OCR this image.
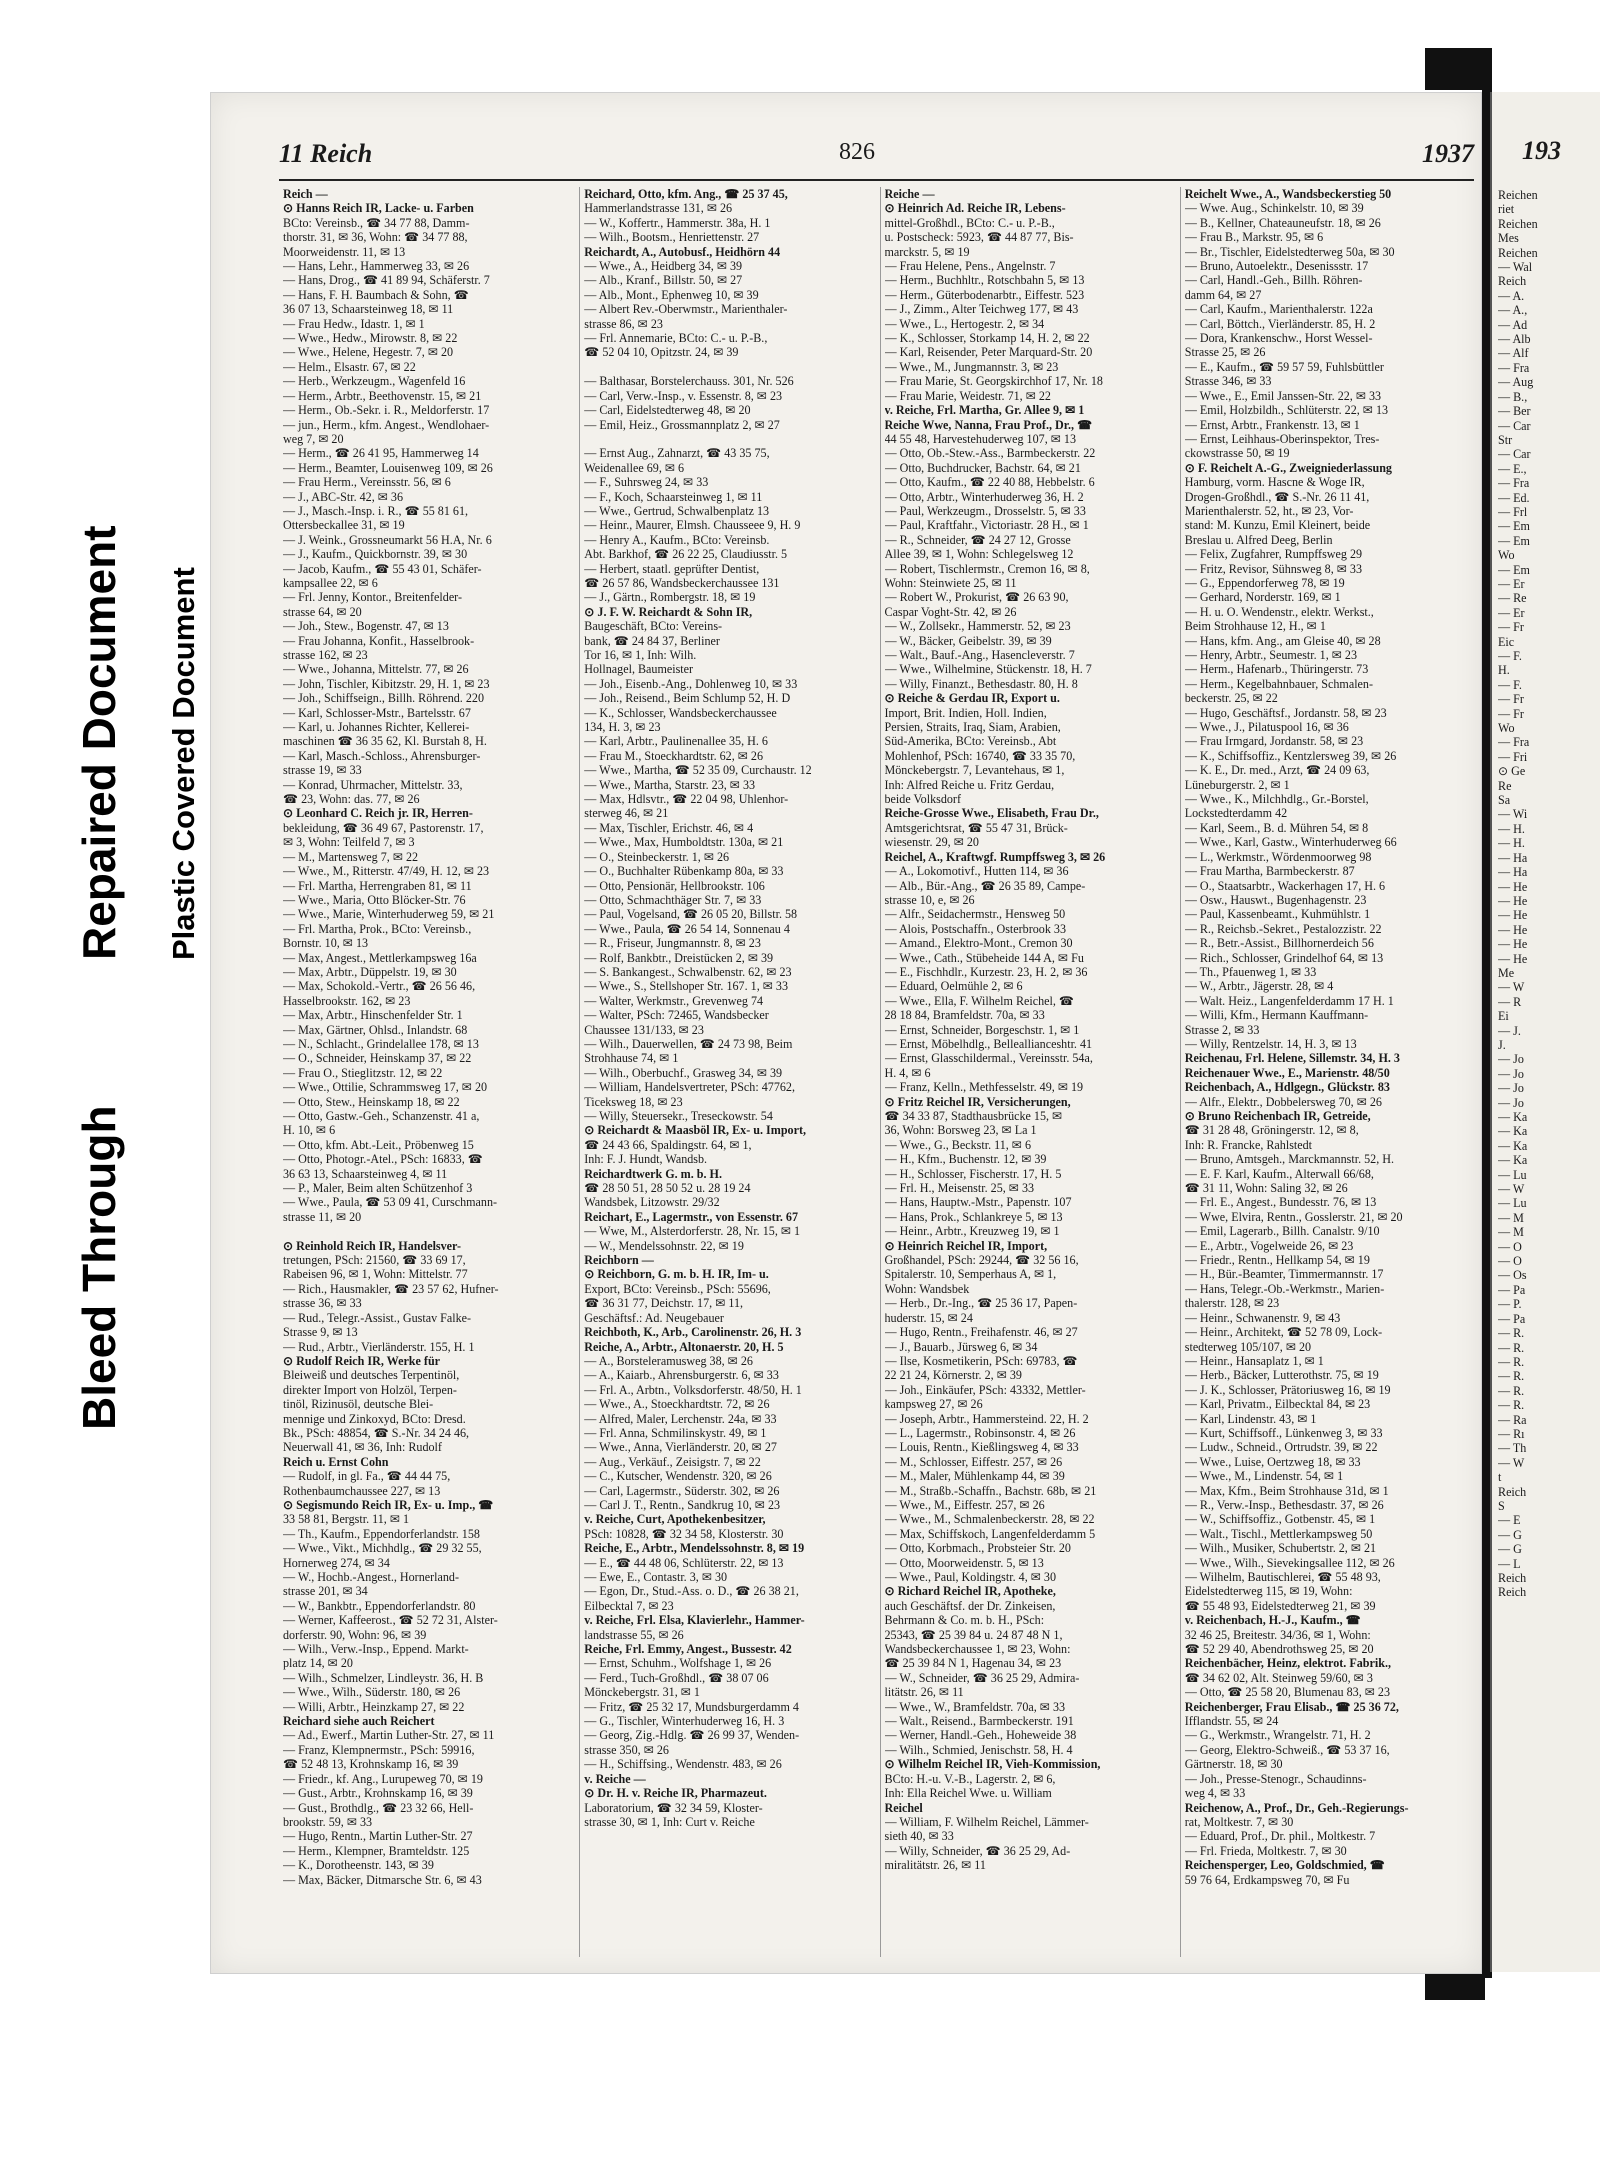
Bleed Through
Repaired Document Plastic Covered Document
11 Reich	826	1937
Reich —
⊙ Hanns Reich IR, Lacke- u. Farben
BCto: Vereinsb., ☎ 34 77 88, Damm-
thorstr. 31, ✉ 36, Wohn: ☎ 34 77 88,
Moorweidenstr. 11, ✉ 13
— Hans, Lehr., Hammerweg 33, ✉ 26
— Hans, Drog., ☎ 41 89 94, Schäferstr. 7
— Hans, F. H. Baumbach & Sohn, ☎
36 07 13, Schaarsteinweg 18, ✉ 11
— Frau Hedw., Idastr. 1, ✉ 1
— Wwe., Hedw., Mirowstr. 8, ✉ 22
— Wwe., Helene, Hegestr. 7, ✉ 20
— Helm., Elsastr. 67, ✉ 22
— Herb., Werkzeugm., Wagenfeld 16
— Herm., Arbtr., Beethovenstr. 15, ✉ 21
— Herm., Ob.-Sekr. i. R., Meldorferstr. 17
— jun., Herm., kfm. Angest., Wendlohaer-
weg 7, ✉ 20
— Herm., ☎ 26 41 95, Hammerweg 14
— Herm., Beamter, Louisenweg 109, ✉ 26
— Frau Herm., Vereinsstr. 56, ✉ 6
— J., ABC-Str. 42, ✉ 36
— J., Masch.-Insp. i. R., ☎ 55 81 61,
Ottersbeckallee 31, ✉ 19
— J. Weink., Grossneumarkt 56 H.A, Nr. 6
— J., Kaufm., Quickbornstr. 39, ✉ 30
— Jacob, Kaufm., ☎ 55 43 01, Schäfer-
kampsallee 22, ✉ 6
— Frl. Jenny, Kontor., Breitenfelder-
strasse 64, ✉ 20
— Joh., Stew., Bogenstr. 47, ✉ 13
— Frau Johanna, Konfit., Hasselbrook-
strasse 162, ✉ 23
— Wwe., Johanna, Mittelstr. 77, ✉ 26
— John, Tischler, Kibitzstr. 29, H. 1, ✉ 23
— Joh., Schiffseign., Billh. Röhrend. 220
— Karl, Schlosser-Mstr., Bartelsstr. 67
— Karl, u. Johannes Richter, Kellerei-
maschinen ☎ 36 35 62, Kl. Burstah 8, H.
— Karl, Masch.-Schloss., Ahrensburger-
strasse 19, ✉ 33
— Konrad, Uhrmacher, Mittelstr. 33,
☎ 23, Wohn: das. 77, ✉ 26
⊙ Leonhard C. Reich jr. IR, Herren-
bekleidung, ☎ 36 49 67, Pastorenstr. 17,
✉ 3, Wohn: Teilfeld 7, ✉ 3
— M., Martensweg 7, ✉ 22
— Wwe., M., Ritterstr. 47/49, H. 12, ✉ 23
— Frl. Martha, Herrengraben 81, ✉ 11
— Wwe., Maria, Otto Blöcker-Str. 76
— Wwe., Marie, Winterhuderweg 59, ✉ 21
— Frl. Martha, Prok., BCto: Vereinsb.,
Bornstr. 10, ✉ 13
— Max, Angest., Mettlerkampsweg 16a
— Max, Arbtr., Düppelstr. 19, ✉ 30
— Max, Schokold.-Vertr., ☎ 26 56 46,
Hasselbrookstr. 162, ✉ 23
— Max, Arbtr., Hinschenfelder Str. 1
— Max, Gärtner, Ohlsd., Inlandstr. 68
— N., Schlacht., Grindelallee 178, ✉ 13
— O., Schneider, Heinskamp 37, ✉ 22
— Frau O., Stieglitzstr. 12, ✉ 22
— Wwe., Ottilie, Schrammsweg 17, ✉ 20
— Otto, Stew., Heinskamp 18, ✉ 22
— Otto, Gastw.-Geh., Schanzenstr. 41 a,
H. 10, ✉ 6
— Otto, kfm. Abt.-Leit., Pröbenweg 15
— Otto, Photogr.-Atel., PSch: 16833, ☎
36 63 13, Schaarsteinweg 4, ✉ 11
— P., Maler, Beim alten Schützenhof 3
— Wwe., Paula, ☎ 53 09 41, Curschmann-
strasse 11, ✉ 20

⊙ Reinhold Reich IR, Handelsver-
tretungen, PSch: 21560, ☎ 33 69 17,
Rabeisen 96, ✉ 1, Wohn: Mittelstr. 77
— Rich., Hausmakler, ☎ 23 57 62, Hufner-
strasse 36, ✉ 33
— Rud., Telegr.-Assist., Gustav Falke-
Strasse 9, ✉ 13
— Rud., Arbtr., Vierländerstr. 155, H. 1
⊙ Rudolf Reich IR, Werke für
Bleiweiß und deutsches Terpentinöl,
direkter Import von Holzöl, Terpen-
tinöl, Rizinusöl, deutsche Blei-
mennige und Zinkoxyd, BCto: Dresd.
Bk., PSch: 48854, ☎ S.-Nr. 34 24 46,
Neuerwall 41, ✉ 36, Inh: Rudolf
Reich u. Ernst Cohn
— Rudolf, in gl. Fa., ☎ 44 44 75,
Rothenbaumchaussee 227, ✉ 13
⊙ Segismundo Reich IR, Ex- u. Imp., ☎
33 58 81, Bergstr. 11, ✉ 1
— Th., Kaufm., Eppendorferlandstr. 158
— Wwe., Vikt., Michhdlg., ☎ 29 32 55,
Hornerweg 274, ✉ 34
— W., Hochb.-Angest., Hornerland-
strasse 201, ✉ 34
— W., Bankbtr., Eppendorferlandstr. 80
— Werner, Kaffeerost., ☎ 52 72 31, Alster-
dorferstr. 90, Wohn: 96, ✉ 39
— Wilh., Verw.-Insp., Eppend. Markt-
platz 14, ✉ 20
— Wilh., Schmelzer, Lindleystr. 36, H. B
— Wwe., Wilh., Süderstr. 180, ✉ 26
— Willi, Arbtr., Heinzkamp 27, ✉ 22
Reichard siehe auch Reichert
— Ad., Ewerf., Martin Luther-Str. 27, ✉ 11
— Franz, Klempnermstr., PSch: 59916,
☎ 52 48 13, Krohnskamp 16, ✉ 39
— Friedr., kf. Ang., Lurupeweg 70, ✉ 19
— Gust., Arbtr., Krohnskamp 16, ✉ 39
— Gust., Brothdlg., ☎ 23 32 66, Hell-
brookstr. 59, ✉ 33
— Hugo, Rentn., Martin Luther-Str. 27
— Herm., Klempner, Bramteldstr. 125
— K., Dorotheenstr. 143, ✉ 39
— Max, Bäcker, Ditmarsche Str. 6, ✉ 43
Reichard, Otto, kfm. Ang., ☎ 25 37 45,
Hammerlandstrasse 131, ✉ 26
— W., Koffertr., Hammerstr. 38a, H. 1
— Wilh., Bootsm., Henriettenstr. 27
Reichardt, A., Autobusf., Heidhörn 44
— Wwe., A., Heidberg 34, ✉ 39
— Alb., Kranf., Billstr. 50, ✉ 27
— Alb., Mont., Ephenweg 10, ✉ 39
— Albert Rev.-Oberwmstr., Marienthaler-
strasse 86, ✉ 23
— Frl. Annemarie, BCto: C.- u. P.-B.,
☎ 52 04 10, Opitzstr. 24, ✉ 39

— Balthasar, Borstelerchauss. 301, Nr. 526
— Carl, Verw.-Insp., v. Essenstr. 8, ✉ 23
— Carl, Eidelstedterweg 48, ✉ 20
— Emil, Heiz., Grossmannplatz 2, ✉ 27

— Ernst Aug., Zahnarzt, ☎ 43 35 75,
Weidenallee 69, ✉ 6
— F., Suhrsweg 24, ✉ 33
— F., Koch, Schaarsteinweg 1, ✉ 11
— Wwe., Gertrud, Schwalbenplatz 13
— Heinr., Maurer, Elmsh. Chausseee 9, H. 9
— Henry A., Kaufm., BCto: Vereinsb.
Abt. Barkhof, ☎ 26 22 25, Claudiusstr. 5
— Herbert, staatl. geprüfter Dentist,
☎ 26 57 86, Wandsbeckerchaussee 131
— J., Gärtn., Rombergstr. 18, ✉ 19
⊙ J. F. W. Reichardt & Sohn IR,
Baugeschäft, BCto: Vereins-
bank, ☎ 24 84 37, Berliner
Tor 16, ✉ 1, Inh: Wilh.
Hollnagel, Baumeister
— Joh., Eisenb.-Ang., Dohlenweg 10, ✉ 33
— Joh., Reisend., Beim Schlump 52, H. D
— K., Schlosser, Wandsbeckerchaussee
134, H. 3, ✉ 23
— Karl, Arbtr., Paulinenallee 35, H. 6
— Frau M., Stoeckhardtstr. 62, ✉ 26
— Wwe., Martha, ☎ 52 35 09, Curchaustr. 12
— Wwe., Martha, Starstr. 23, ✉ 33
— Max, Hdlsvtr., ☎ 22 04 98, Uhlenhor-
sterweg 46, ✉ 21
— Max, Tischler, Erichstr. 46, ✉ 4
— Wwe., Max, Humboldtstr. 130a, ✉ 21
— O., Steinbeckerstr. 1, ✉ 26
— O., Buchhalter Rübenkamp 80a, ✉ 33
— Otto, Pensionär, Hellbrookstr. 106
— Otto, Schmachthäger Str. 7, ✉ 33
— Paul, Vogelsand, ☎ 26 05 20, Billstr. 58
— Wwe., Paula, ☎ 26 54 14, Sonnenau 4
— R., Friseur, Jungmannstr. 8, ✉ 23
— Rolf, Bankbtr., Dreistücken 2, ✉ 39
— S. Bankangest., Schwalbenstr. 62, ✉ 23
— Wwe., S., Stellshoper Str. 167. 1, ✉ 33
— Walter, Werkmstr., Grevenweg 74
— Walter, PSch: 72465, Wandsbecker
Chaussee 131/133, ✉ 23
— Wilh., Dauerwellen, ☎ 24 73 98, Beim
Strohhause 74, ✉ 1
— Wilh., Oberbuchf., Grasweg 34, ✉ 39
— William, Handelsvertreter, PSch: 47762,
Ticeksweg 18, ✉ 23
— Willy, Steuersekr., Treseckowstr. 54
⊙ Reichardt & Maasböl IR, Ex- u. Import,
☎ 24 43 66, Spaldingstr. 64, ✉ 1,
Inh: F. J. Hundt, Wandsb.
Reichardtwerk G. m. b. H.
☎ 28 50 51, 28 50 52 u. 28 19 24
Wandsbek, Litzowstr. 29/32
Reichart, E., Lagermstr., von Essenstr. 67
— Wwe, M., Alsterdorferstr. 28, Nr. 15, ✉ 1
— W., Mendelssohnstr. 22, ✉ 19
Reichborn —
⊙ Reichborn, G. m. b. H. IR, Im- u.
Export, BCto: Vereinsb., PSch: 55696,
☎ 36 31 77, Deichstr. 17, ✉ 11,
Geschäftsf.: Ad. Neugebauer
Reichboth, K., Arb., Carolinenstr. 26, H. 3
Reiche, A., Arbtr., Altonaerstr. 20, H. 5
— A., Borsteleramusweg 38, ✉ 26
— A., Kaiarb., Ahrensburgerstr. 6, ✉ 33
— Frl. A., Arbtn., Volksdorferstr. 48/50, H. 1
— Wwe., A., Stoeckhardtstr. 72, ✉ 26
— Alfred, Maler, Lerchenstr. 24a, ✉ 33
— Frl. Anna, Schmilinskystr. 49, ✉ 1
— Wwe., Anna, Vierländerstr. 20, ✉ 27
— Aug., Verkäuf., Zeisigstr. 7, ✉ 22
— C., Kutscher, Wendenstr. 320, ✉ 26
— Carl, Lagermstr., Süderstr. 302, ✉ 26
— Carl J. T., Rentn., Sandkrug 10, ✉ 23
v. Reiche, Curt, Apothekenbesitzer,
PSch: 10828, ☎ 32 34 58, Klosterstr. 30
Reiche, E., Arbtr., Mendelssohnstr. 8, ✉ 19
— E., ☎ 44 48 06, Schlüterstr. 22, ✉ 13
— Ewe, E., Contastr. 3, ✉ 30
— Egon, Dr., Stud.-Ass. o. D., ☎ 26 38 21,
Eilbecktal 7, ✉ 23
v. Reiche, Frl. Elsa, Klavierlehr., Hammer-
landstrasse 55, ✉ 26
Reiche, Frl. Emmy, Angest., Bussestr. 42
— Ernst, Schuhm., Wolfshage 1, ✉ 26
— Ferd., Tuch-Großhdl., ☎ 38 07 06
Mönckebergstr. 31, ✉ 1
— Fritz, ☎ 25 32 17, Mundsburgerdamm 4
— G., Tischler, Winterhuderweg 16, H. 3
— Georg, Zig.-Hdlg. ☎ 26 99 37, Wenden-
strasse 350, ✉ 26
— H., Schiffsing., Wendenstr. 483, ✉ 26
v. Reiche —
⊙ Dr. H. v. Reiche IR, Pharmazeut.
Laboratorium, ☎ 32 34 59, Kloster-
strasse 30, ✉ 1, Inh: Curt v. Reiche
Reiche —
⊙ Heinrich Ad. Reiche IR, Lebens-
mittel-Großhdl., BCto: C.- u. P.-B.,
u. Postscheck: 5923, ☎ 44 87 77, Bis-
marckstr. 5, ✉ 19
— Frau Helene, Pens., Angelnstr. 7
— Herm., Buchhltr., Rotschbahn 5, ✉ 13
— Herm., Güterbodenarbtr., Eiffestr. 523
— J., Zimm., Alter Teichweg 177, ✉ 43
— Wwe., L., Hertogestr. 2, ✉ 34
— K., Schlosser, Storkamp 14, H. 2, ✉ 22
— Karl, Reisender, Peter Marquard-Str. 20
— Wwe., M., Jungmannstr. 3, ✉ 23
— Frau Marie, St. Georgskirchhof 17, Nr. 18
— Frau Marie, Weidestr. 71, ✉ 22
v. Reiche, Frl. Martha, Gr. Allee 9, ✉ 1
Reiche Wwe, Nanna, Frau Prof., Dr., ☎
44 55 48, Harvestehuderweg 107, ✉ 13
— Otto, Ob.-Stew.-Ass., Barmbeckerstr. 22
— Otto, Buchdrucker, Bachstr. 64, ✉ 21
— Otto, Kaufm., ☎ 22 40 88, Hebbelstr. 6
— Otto, Arbtr., Winterhuderweg 36, H. 2
— Paul, Werkzeugm., Drosselstr. 5, ✉ 33
— Paul, Kraftfahr., Victoriastr. 28 H., ✉ 1
— R., Schneider, ☎ 24 27 12, Grosse
Allee 39, ✉ 1, Wohn: Schlegelsweg 12
— Robert, Tischlermstr., Cremon 16, ✉ 8,
Wohn: Steinwiete 25, ✉ 11
— Robert W., Prokurist, ☎ 26 63 90,
Caspar Voght-Str. 42, ✉ 26
— W., Zollsekr., Hammerstr. 52, ✉ 23
— W., Bäcker, Geibelstr. 39, ✉ 39
— Walt., Bauf.-Ang., Hasencleverstr. 7
— Wwe., Wilhelmine, Stückenstr. 18, H. 7
— Willy, Finanzt., Bethesdastr. 80, H. 8
⊙ Reiche & Gerdau IR, Export u.
Import, Brit. Indien, Holl. Indien,
Persien, Straits, Iraq, Siam, Arabien,
Süd-Amerika, BCto: Vereinsb., Abt
Mohlenhof, PSch: 16740, ☎ 33 35 70,
Mönckebergstr. 7, Levantehaus, ✉ 1,
Inh: Alfred Reiche u. Fritz Gerdau,
beide Volksdorf
Reiche-Grosse Wwe., Elisabeth, Frau Dr.,
Amtsgerichtsrat, ☎ 55 47 31, Brück-
wiesenstr. 29, ✉ 20
Reichel, A., Kraftwgf. Rumpffsweg 3, ✉ 26
— A., Lokomotivf., Hutten 114, ✉ 36
— Alb., Bür.-Ang., ☎ 26 35 89, Campe-
strasse 10, e, ✉ 26
— Alfr., Seidachermstr., Hensweg 50
— Alois, Postschaffn., Osterbrook 33
— Amand., Elektro-Mont., Cremon 30
— Wwe., Cath., Stübeheide 144 A, ✉ Fu
— E., Fischhdlr., Kurzestr. 23, H. 2, ✉ 36
— Eduard, Oelmühle 2, ✉ 6
— Wwe., Ella, F. Wilhelm Reichel, ☎
28 18 84, Bramfeldstr. 70a, ✉ 33
— Ernst, Schneider, Borgeschstr. 1, ✉ 1
— Ernst, Möbelhdlg., Belleallianceshtr. 41
— Ernst, Glasschildermal., Vereinsstr. 54a,
H. 4, ✉ 6
— Franz, Kelln., Methfesselstr. 49, ✉ 19
⊙ Fritz Reichel IR, Versicherungen,
☎ 34 33 87, Stadthausbrücke 15, ✉
36, Wohn: Borsweg 23, ✉ La 1
— Wwe., G., Beckstr. 11, ✉ 6
— H., Kfm., Buchenstr. 12, ✉ 39
— H., Schlosser, Fischerstr. 17, H. 5
— Frl. H., Meisenstr. 25, ✉ 33
— Hans, Hauptw.-Mstr., Papenstr. 107
— Hans, Prok., Schlankreye 5, ✉ 13
— Heinr., Arbtr., Kreuzweg 19, ✉ 1
⊙ Heinrich Reichel IR, Import,
Großhandel, PSch: 29244, ☎ 32 56 16,
Spitalerstr. 10, Semperhaus A, ✉ 1,
Wohn: Wandsbek
— Herb., Dr.-Ing., ☎ 25 36 17, Papen-
huderstr. 15, ✉ 24
— Hugo, Rentn., Freihafenstr. 46, ✉ 27
— J., Bauarb., Jürsweg 6, ✉ 34
— Ilse, Kosmetikerin, PSch: 69783, ☎
22 21 24, Körnerstr. 2, ✉ 39
— Joh., Einkäufer, PSch: 43332, Mettler-
kampsweg 27, ✉ 26
— Joseph, Arbtr., Hammersteind. 22, H. 2
— L., Lagermstr., Robinsonstr. 4, ✉ 26
— Louis, Rentn., Kießlingsweg 4, ✉ 33
— M., Schlosser, Eiffestr. 257, ✉ 26
— M., Maler, Mühlenkamp 44, ✉ 39
— M., Straßb.-Schaffn., Bachstr. 68b, ✉ 21
— Wwe., M., Eiffestr. 257, ✉ 26
— Wwe., M., Schmalenbeckerstr. 28, ✉ 22
— Max, Schiffskoch, Langenfelderdamm 5
— Otto, Korbmach., Probsteier Str. 20
— Otto, Moorweidenstr. 5, ✉ 13
— Wwe., Paul, Koldingstr. 4, ✉ 30
⊙ Richard Reichel IR, Apotheke,
auch Geschäftsf. der Dr. Zinkeisen,
Behrmann & Co. m. b. H., PSch:
25343, ☎ 25 39 84 u. 24 87 48 N 1,
Wandsbeckerchaussee 1, ✉ 23, Wohn:
☎ 25 39 84 N 1, Hagenau 34, ✉ 23
— W., Schneider, ☎ 36 25 29, Admira-
litätstr. 26, ✉ 11
— Wwe., W., Bramfeldstr. 70a, ✉ 33
— Walt., Reisend., Barmbeckerstr. 191
— Werner, Handl.-Geh., Hoheweide 38
— Wilh., Schmied, Jenischstr. 58, H. 4
⊙ Wilhelm Reichel IR, Vieh-Kommission,
BCto: H.-u. V.-B., Lagerstr. 2, ✉ 6,
Inh: Ella Reichel Wwe. u. William
Reichel
— William, F. Wilhelm Reichel, Lämmer-
sieth 40, ✉ 33
— Willy, Schneider, ☎ 36 25 29, Ad-
miralitätstr. 26, ✉ 11
Reichelt Wwe., A., Wandsbeckerstieg 50
— Wwe. Aug., Schinkelstr. 10, ✉ 39
— B., Kellner, Chateauneufstr. 18, ✉ 26
— Frau B., Markstr. 95, ✉ 6
— Br., Tischler, Eidelstedterweg 50a, ✉ 30
— Bruno, Autoelektr., Desenissstr. 17
— Carl, Handl.-Geh., Billh. Röhren-
damm 64, ✉ 27
— Carl, Kaufm., Marienthalerstr. 122a
— Carl, Böttch., Vierländerstr. 85, H. 2
— Dora, Krankenschw., Horst Wessel-
Strasse 25, ✉ 26
— E., Kaufm., ☎ 59 57 59, Fuhlsbüttler
Strasse 346, ✉ 33
— Wwe., E., Emil Janssen-Str. 22, ✉ 33
— Emil, Holzbildh., Schlüterstr. 22, ✉ 13
— Ernst, Arbtr., Frankenstr. 13, ✉ 1
— Ernst, Leihhaus-Oberinspektor, Tres-
ckowstrasse 50, ✉ 19
⊙ F. Reichelt A.-G., Zweigniederlassung
Hamburg, vorm. Hascne & Woge IR,
Drogen-Großhdl., ☎ S.-Nr. 26 11 41,
Marienthalerstr. 52, ht., ✉ 23, Vor-
stand: M. Kunzu, Emil Kleinert, beide
Breslau u. Alfred Deeg, Berlin
— Felix, Zugfahrer, Rumpffsweg 29
— Fritz, Revisor, Sühnsweg 8, ✉ 33
— G., Eppendorferweg 78, ✉ 19
— Gerhard, Norderstr. 169, ✉ 1
— H. u. O. Wendenstr., elektr. Werkst.,
Beim Strohhause 12, H., ✉ 1
— Hans, kfm. Ang., am Gleise 40, ✉ 28
— Henry, Arbtr., Seumestr. 1, ✉ 23
— Herm., Hafenarb., Thüringerstr. 73
— Herm., Kegelbahnbauer, Schmalen-
beckerstr. 25, ✉ 22
— Hugo, Geschäftsf., Jordanstr. 58, ✉ 23
— Wwe., J., Pilatuspool 16, ✉ 36
— Frau Irmgard, Jordanstr. 58, ✉ 23
— K., Schiffsoffiz., Kentzlersweg 39, ✉ 26
— K. E., Dr. med., Arzt, ☎ 24 09 63,
Lüneburgerstr. 2, ✉ 1
— Wwe., K., Milchhdlg., Gr.-Borstel,
Lockstedterdamm 42
— Karl, Seem., B. d. Mühren 54, ✉ 8
— Wwe., Karl, Gastw., Winterhuderweg 66
— L., Werkmstr., Wördenmoorweg 98
— Frau Martha, Barmbeckerstr. 87
— O., Staatsarbtr., Wackerhagen 17, H. 6
— Osw., Hauswt., Bugenhagenstr. 23
— Paul, Kassenbeamt., Kuhmühlstr. 1
— R., Reichsb.-Sekret., Pestalozzistr. 22
— R., Betr.-Assist., Billhornerdeich 56
— Rich., Schlosser, Grindelhof 64, ✉ 13
— Th., Pfauenweg 1, ✉ 33
— W., Arbtr., Jägerstr. 28, ✉ 4
— Walt. Heiz., Langenfelderdamm 17 H. 1
— Willi, Kfm., Hermann Kauffmann-
Strasse 2, ✉ 33
— Willy, Rentzelstr. 14, H. 3, ✉ 13
Reichenau, Frl. Helene, Sillemstr. 34, H. 3
Reichenauer Wwe., E., Marienstr. 48/50
Reichenbach, A., Hdlgegn., Glückstr. 83
— Alfr., Elektr., Dobbelersweg 70, ✉ 26
⊙ Bruno Reichenbach IR, Getreide,
☎ 31 28 48, Gröningerstr. 12, ✉ 8,
Inh: R. Francke, Rahlstedt
— Bruno, Amtsgeh., Marckmannstr. 52, H.
— E. F. Karl, Kaufm., Alterwall 66/68,
☎ 31 11, Wohn: Saling 32, ✉ 26
— Frl. E., Angest., Bundesstr. 76, ✉ 13
— Wwe, Elvira, Rentn., Gosslerstr. 21, ✉ 20
— Emil, Lagerarb., Billh. Canalstr. 9/10
— E., Arbtr., Vogelweide 26, ✉ 23
— Friedr., Rentn., Hellkamp 54, ✉ 19
— H., Bür.-Beamter, Timmermannstr. 17
— Hans, Telegr.-Ob.-Werkmstr., Marien-
thalerstr. 128, ✉ 23
— Heinr., Schwanenstr. 9, ✉ 43
— Heinr., Architekt, ☎ 52 78 09, Lock-
stedterweg 105/107, ✉ 20
— Heinr., Hansaplatz 1, ✉ 1
— Herb., Bäcker, Lutterothstr. 75, ✉ 19
— J. K., Schlosser, Prätoriusweg 16, ✉ 19
— Karl, Privatm., Eilbecktal 84, ✉ 23
— Karl, Lindenstr. 43, ✉ 1
— Kurt, Schiffsoff., Lünkenweg 3, ✉ 33
— Ludw., Schneid., Ortrudstr. 39, ✉ 22
— Wwe., Luise, Oertzweg 18, ✉ 33
— Wwe., M., Lindenstr. 54, ✉ 1
— Max, Kfm., Beim Strohhause 31d, ✉ 1
— R., Verw.-Insp., Bethesdastr. 37, ✉ 26
— W., Schiffsoffiz., Gotbenstr. 45, ✉ 1
— Walt., Tischl., Mettlerkampsweg 50
— Wilh., Musiker, Schubertstr. 2, ✉ 21
— Wwe., Wilh., Sievekingsallee 112, ✉ 26
— Wilhelm, Bautischlerei, ☎ 55 48 93,
Eidelstedterweg 115, ✉ 19, Wohn:
☎ 55 48 93, Eidelstedterweg 21, ✉ 39
v. Reichenbach, H.-J., Kaufm., ☎
32 46 25, Breitestr. 34/36, ✉ 1, Wohn:
☎ 52 29 40, Abendrothsweg 25, ✉ 20
Reichenbächer, Heinz, elektrot. Fabrik.,
☎ 34 62 02, Alt. Steinweg 59/60, ✉ 3
— Otto, ☎ 25 58 20, Blumenau 83, ✉ 23
Reichenberger, Frau Elisab., ☎ 25 36 72,
Ifflandstr. 55, ✉ 24
— G., Werkmstr., Wrangelstr. 71, H. 2
— Georg, Elektro-Schweiß., ☎ 53 37 16,
Gärtnerstr. 18, ✉ 30
— Joh., Presse-Stenogr., Schaudinns-
weg 4, ✉ 33
Reichenow, A., Prof., Dr., Geh.-Regierungs-
rat, Moltkestr. 7, ✉ 30
— Eduard, Prof., Dr. phil., Moltkestr. 7
— Frl. Frieda, Moltkestr. 7, ✉ 30
Reichensperger, Leo, Goldschmied, ☎
59 76 64, Erdkampsweg 70, ✉ Fu
193
Reichen
riet
Reichen
Mes
Reichen
— Wal
Reich
— A.
— A.,
— Ad
— Alb
— Alf
— Fra
— Aug
— B.,
— Ber
— Car
Str
— Car
— E.,
— Fra
— Ed.
— Frl
— Em
— Em
Wo
— Em
— Er
— Re
— Er
— Fr
Eic
— F.
H.
— F.
— Fr
— Fr
Wo
— Fra
— Fri
⊙ Ge
Re
Sa
— Wi
— H.
— H.
— Ha
— Ha
— He
— He
— He
— He
— He
— He
Me
— W
— R
Ei
— J.
J.
— Jo
— Jo
— Jo
— Jo
— Ka
— Ka
— Ka
— Ka
— Lu
— W
— Lu
— M
— M
— O
— O
— Os
— Pa
— P.
— Pa
— R.
— R.
— R.
— R.
— R.
— R.
— Ra
— Rı
— Th
— W
t
Reich
S
— E
— G
— G
— L
Reich
Reich
